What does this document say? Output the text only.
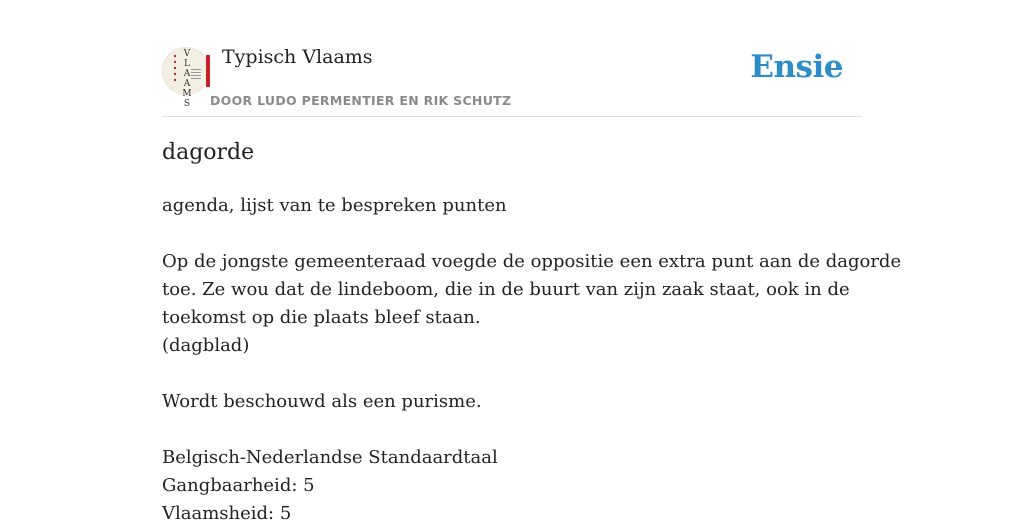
V
L
A
A
M
S
Typisch Vlaams
DOOR LUDO PERMENTIER EN RIK SCHUTZ
Ensie
dagorde
agenda, lijst van te bespreken punten
Op de jongste gemeenteraad voegde de oppositie een extra punt aan de dagorde
toe. Ze wou dat de lindeboom, die in de buurt van zijn zaak staat, ook in de
toekomst op die plaats bleef staan.
(dagblad)
Wordt beschouwd als een purisme.
Belgisch-Nederlandse Standaardtaal
Gangbaarheid: 5
Vlaamsheid: 5
